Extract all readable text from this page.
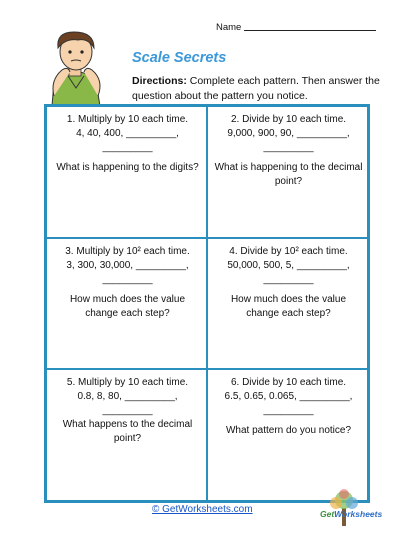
Name
Scale Secrets
Directions: Complete each pattern. Then answer the question about the pattern you notice.
1. Multiply by 10 each time.
4, 40, 400, _________,
_________
What is happening to the digits?
2. Divide by 10 each time.
9,000, 900, 90, _________,
_________
What is happening to the decimal point?
3. Multiply by 10² each time.
3, 300, 30,000, _________,
_________
How much does the value change each step?
4. Divide by 10² each time.
50,000, 500, 5, _________,
_________
How much does the value change each step?
5. Multiply by 10 each time.
0.8, 8, 80, _________, _________
What happens to the decimal point?
6. Divide by 10 each time.
6.5, 0.65, 0.065, _________,
_________
What pattern do you notice?
© GetWorksheets.com	GetWorksheets
